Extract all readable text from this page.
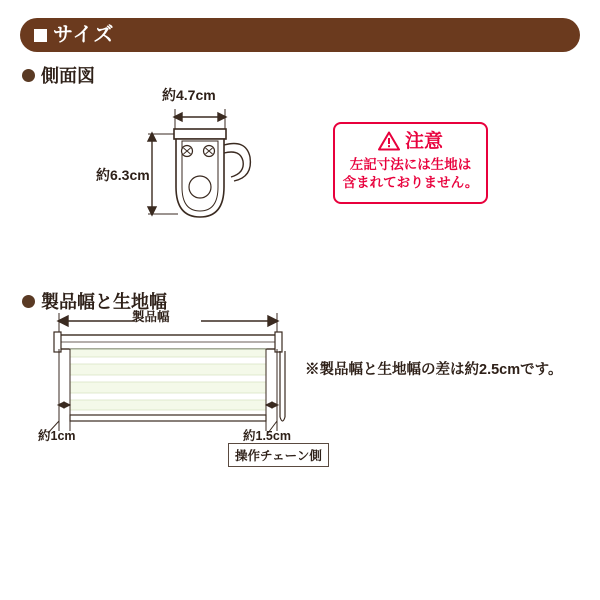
サイズ
側面図
約4.7cm
約6.3cm
注意
左記寸法には生地は
含まれておりません。
製品幅と生地幅
製品幅
約1cm	約1.5cm
操作チェーン側
※製品幅と生地幅の差は約2.5cmです。
